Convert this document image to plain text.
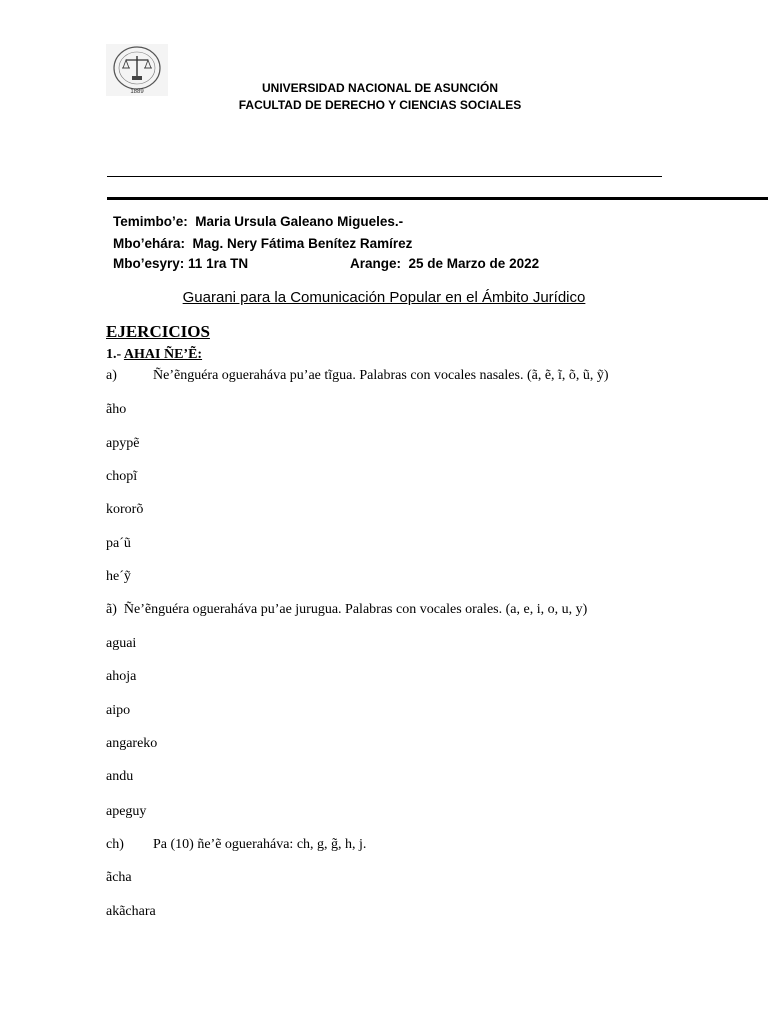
1889	UNIVERSIDAD NACIONAL DE ASUNCIÓN
FACULTAD DE DERECHO Y CIENCIAS SOCIALES
Temimbo’e: Maria Ursula Galeano Migueles.-
Mbo’ehára: Mag. Nery Fátima Benítez Ramírez
Mbo’esyry: 11 1ra TN	Arange: 25 de Marzo de 2022
Guarani para la Comunicación Popular en el Ámbito Jurídico
EJERCICIOS
1.- AHAI ÑE’Ẽ:
a)	Ñe’ẽnguéra ogueraháva pu’ae tĩgua. Palabras con vocales nasales. (ã, ẽ, ĩ, õ, ũ, ỹ)
ãho
apypẽ
chopĩ
kororõ
pa´ũ
he´ỹ
ã) Ñe’ẽnguéra ogueraháva pu’ae jurugua. Palabras con vocales orales. (a, e, i, o, u, y)
aguai
ahoja
aipo
angareko
andu
apeguy
ch) Pa (10) ñe’ẽ ogueraháva: ch, g, g̃, h, j.
ãcha
akãchara
